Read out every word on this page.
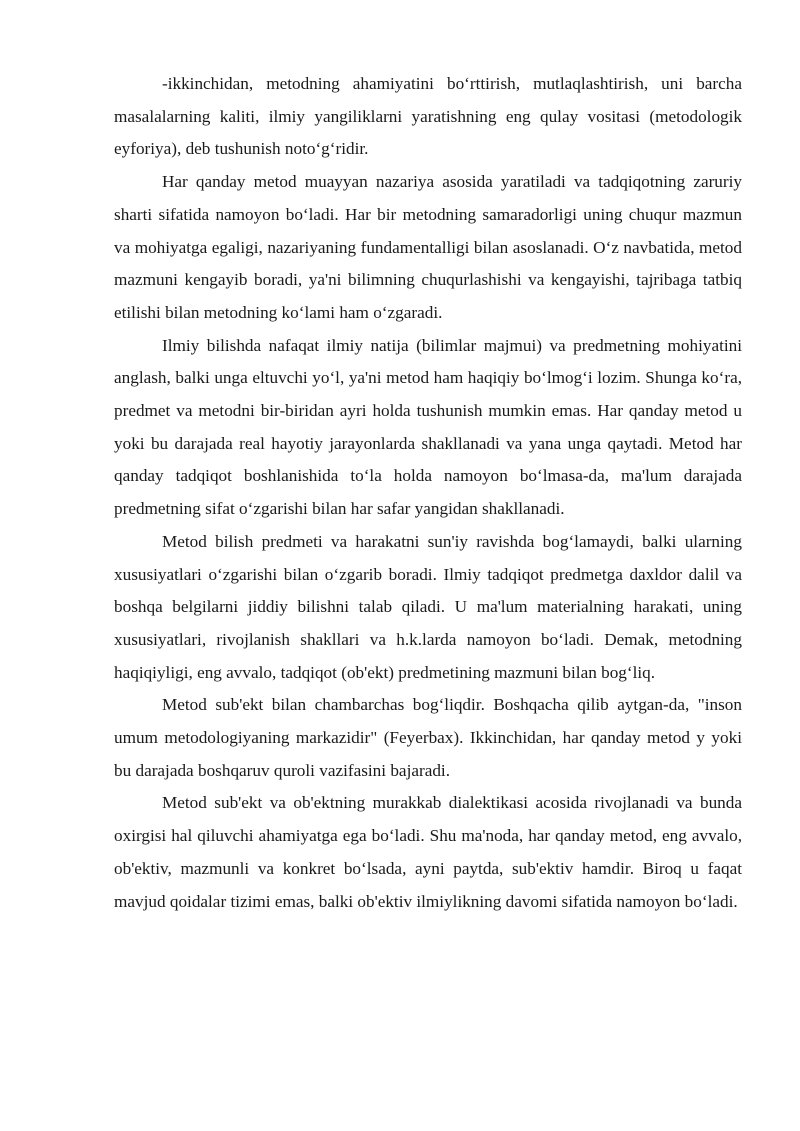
-ikkinchidan, metodning ahamiyatini bo‘rttirish, mutlaqlashtirish, uni barcha masalalarning kaliti, ilmiy yangiliklarni yaratishning eng qulay vositasi (metodologik eyforiya), deb tushunish noto‘g‘ridir.

Har qanday metod muayyan nazariya asosida yaratiladi va tadqiqotning zaruriy sharti sifatida namoyon bo‘ladi. Har bir metodning samaradorligi uning chuqur mazmun va mohiyatga egaligi, nazariyaning fundamentalligi bilan asoslanadi. O‘z navbatida, metod mazmuni kengayib boradi, ya'ni bilimning chuqurlashishi va kengayishi, tajribaga tatbiq etilishi bilan metodning ko‘lami ham o‘zgaradi.

Ilmiy bilishda nafaqat ilmiy natija (bilimlar majmui) va predmetning mohiyatini anglash, balki unga eltuvchi yo‘l, ya'ni metod ham haqiqiy bo‘lmog‘i lozim. Shunga ko‘ra, predmet va metodni bir-biridan ayri holda tushunish mumkin emas. Har qanday metod u yoki bu darajada real hayotiy jarayonlarda shakllanadi va yana unga qaytadi. Metod har qanday tadqiqot boshlanishida to‘la holda namoyon bo‘lmasa-da, ma'lum darajada predmetning sifat o‘zgarishi bilan har safar yangidan shakllanadi.

Metod bilish predmeti va harakatni sun'iy ravishda bog‘lamaydi, balki ularning xususiyatlari o‘zgarishi bilan o‘zgarib boradi. Ilmiy tadqiqot predmetga daxldor dalil va boshqa belgilarni jiddiy bilishni talab qiladi. U ma'lum materialning harakati, uning xususiyatlari, rivojlanish shakllari va h.k.larda namoyon bo‘ladi. Demak, metodning haqiqiyligi, eng avvalo, tadqiqot (ob'ekt) predmetining mazmuni bilan bog‘liq.

Metod sub'ekt bilan chambarchas bog‘liqdir. Boshqacha qilib aytgan-da, "inson umum metodologiyaning markazidir" (Feyerbax). Ikkinchidan, har qanday metod y yoki bu darajada boshqaruv quroli vazifasini bajaradi.

Metod sub'ekt va ob'ektning murakkab dialektikasi acosida rivojlanadi va bunda oxirgisi hal qiluvchi ahamiyatga ega bo‘ladi. Shu ma'noda, har qanday metod, eng avvalo, ob'ektiv, mazmunli va konkret bo‘lsada, ayni paytda, sub'ektiv hamdir. Biroq u faqat mavjud qoidalar tizimi emas, balki ob'ektiv ilmiylikning davomi sifatida namoyon bo‘ladi.
